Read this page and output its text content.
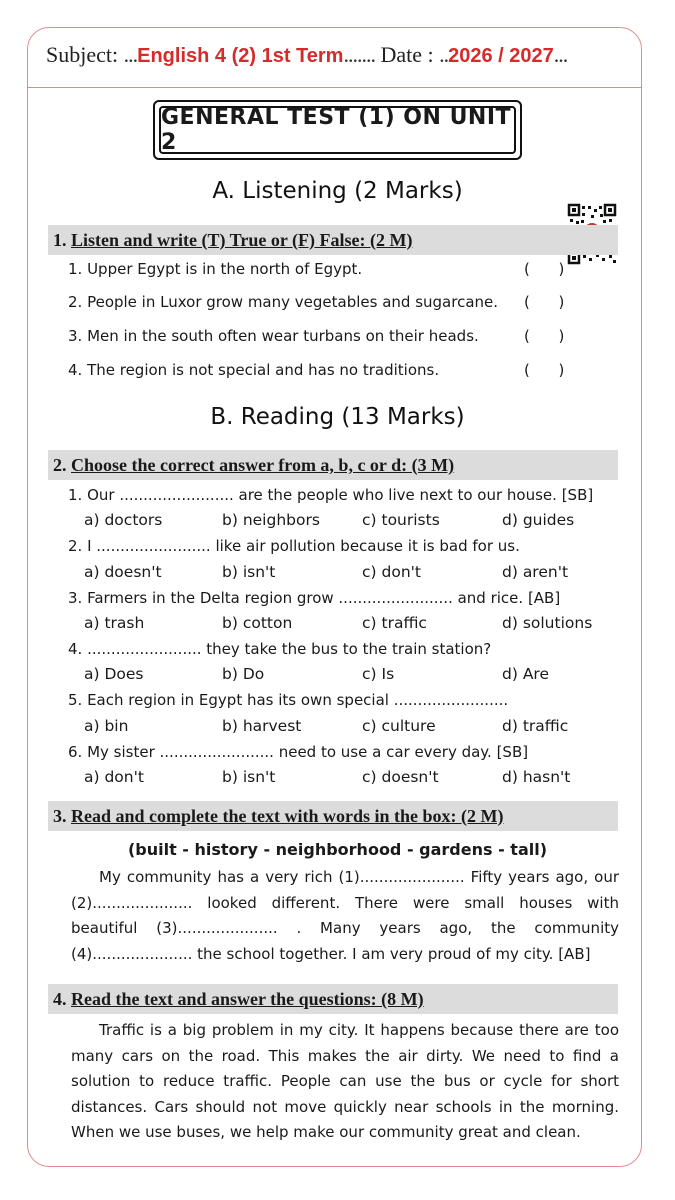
Subject: ...English 4 (2) 1st Term....... Date : ..2026 / 2027...
GENERAL TEST (1) ON UNIT 2
A. Listening (2 Marks)
1. Listen and write (T) True or (F) False: (2 M)
1. Upper Egypt is in the north of Egypt.	(      )
2. People in Luxor grow many vegetables and sugarcane. (      )
3. Men in the south often wear turbans on their heads.	(      )
4. The region is not special and has no traditions.	(      )
B. Reading (13 Marks)
2. Choose the correct answer from a, b, c or d: (3 M)
1. Our ........................ are the people who live next to our house. [SB]
a) doctors	b) neighbors	c) tourists	d) guides
2. I ........................ like air pollution because it is bad for us.
a) doesn't	b) isn't	c) don't	d) aren't
3. Farmers in the Delta region grow ........................ and rice. [AB]
a) trash	b) cotton	c) traffic	d) solutions
4. ........................ they take the bus to the train station?
a) Does	b) Do	c) Is	d) Are
5. Each region in Egypt has its own special ........................
a) bin	b) harvest	c) culture	d) traffic
6. My sister ........................ need to use a car every day. [SB]
a) don't	b) isn't	c) doesn't	d) hasn't
3. Read and complete the text with words in the box: (2 M)
(built - history - neighborhood - gardens - tall)
My community has a very rich (1)...................... Fifty years ago, our (2)..................... looked different. There were small houses with beautiful (3)..................... . Many years ago, the community (4)..................... the school together. I am very proud of my city. [AB]
4. Read the text and answer the questions: (8 M)
Traffic is a big problem in my city. It happens because there are too many cars on the road. This makes the air dirty. We need to find a solution to reduce traffic. People can use the bus or cycle for short distances. Cars should not move quickly near schools in the morning. When we use buses, we help make our community great and clean.
